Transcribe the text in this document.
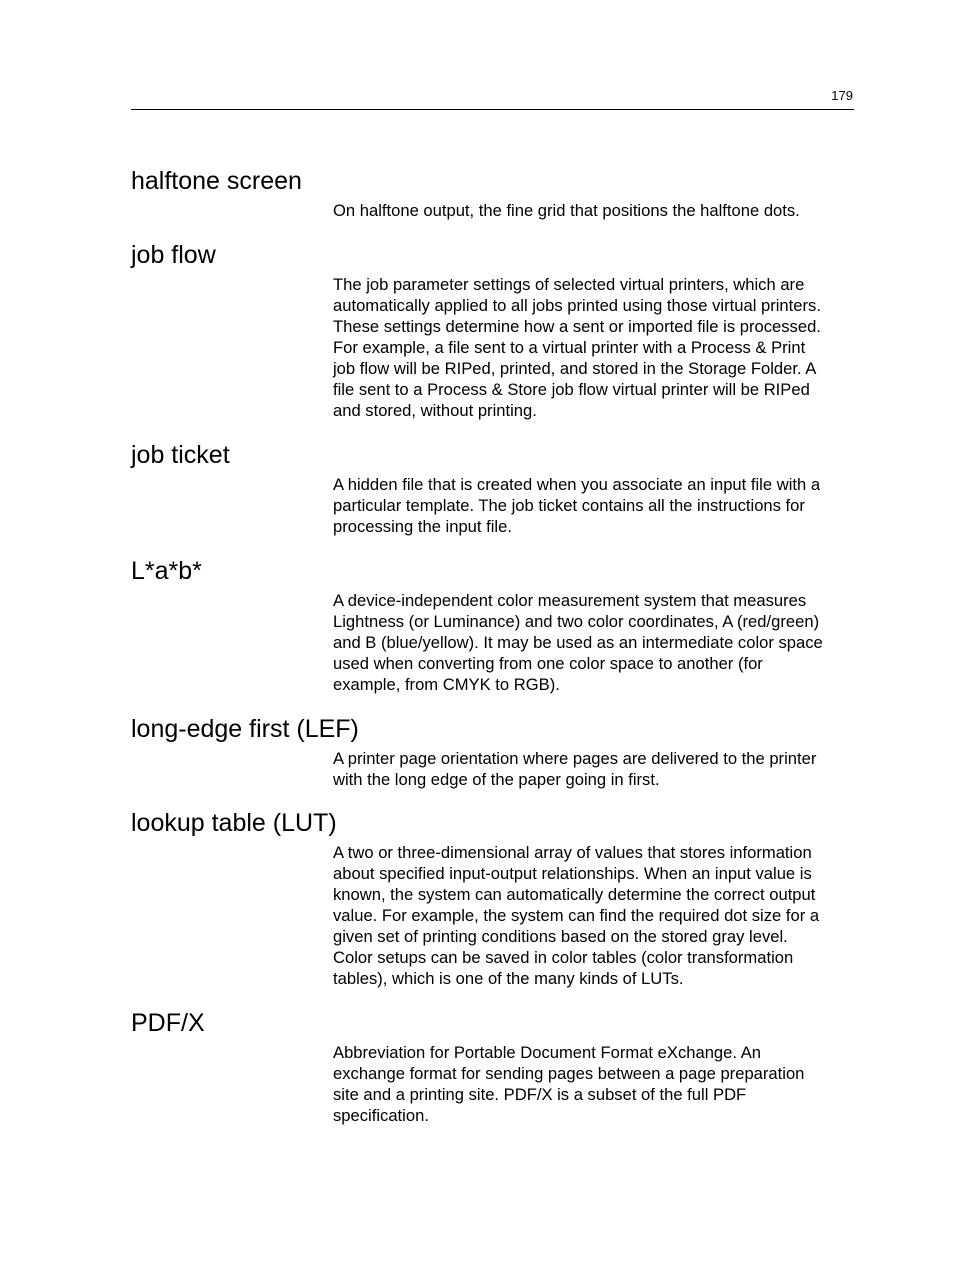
179
halftone screen
On halftone output, the fine grid that positions the halftone dots.
job flow
The job parameter settings of selected virtual printers, which are
automatically applied to all jobs printed using those virtual printers.
These settings determine how a sent or imported file is processed.
For example, a file sent to a virtual printer with a Process & Print
job flow will be RIPed, printed, and stored in the Storage Folder. A
file sent to a Process & Store job flow virtual printer will be RIPed
and stored, without printing.
job ticket
A hidden file that is created when you associate an input file with a
particular template. The job ticket contains all the instructions for
processing the input file.
L*a*b*
A device-independent color measurement system that measures
Lightness (or Luminance) and two color coordinates, A (red/green)
and B (blue/yellow). It may be used as an intermediate color space
used when converting from one color space to another (for
example, from CMYK to RGB).
long-edge first (LEF)
A printer page orientation where pages are delivered to the printer
with the long edge of the paper going in first.
lookup table (LUT)
A two or three-dimensional array of values that stores information
about specified input-output relationships. When an input value is
known, the system can automatically determine the correct output
value. For example, the system can find the required dot size for a
given set of printing conditions based on the stored gray level.
Color setups can be saved in color tables (color transformation
tables), which is one of the many kinds of LUTs.
PDF/X
Abbreviation for Portable Document Format eXchange. An
exchange format for sending pages between a page preparation
site and a printing site. PDF/X is a subset of the full PDF
specification.
